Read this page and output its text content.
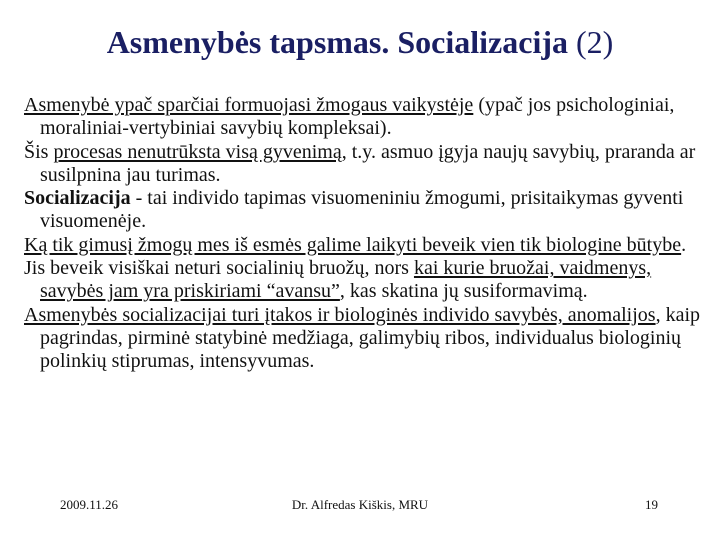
Asmenybės tapsmas. Socializacija (2)

Asmenybė ypač sparčiai formuojasi žmogaus vaikystėje (ypač jos psichologiniai, moraliniai-vertybiniai savybių kompleksai).

Šis procesas nenutrūksta visą gyvenimą, t.y. asmuo įgyja naujų savybių, praranda ar susilpnina jau turimas.

Socializacija - tai individo tapimas visuomeniniu žmogumi, prisitaikymas gyventi visuomenėje.

Ką tik gimusį žmogų mes iš esmės galime laikyti beveik vien tik biologine būtybe.

Jis beveik visiškai neturi socialinių bruožų, nors kai kurie bruožai, vaidmenys, savybės jam yra priskiriami “avansu”, kas skatina jų susiformavimą.

Asmenybės socializacijai turi įtakos ir biologinės individo savybės, anomalijos, kaip pagrindas, pirminė statybinė medžiaga, galimybių ribos, individualus biologinių polinkių stiprumas, intensyvumas.

2009.11.26	Dr. Alfredas Kiškis, MRU	19
